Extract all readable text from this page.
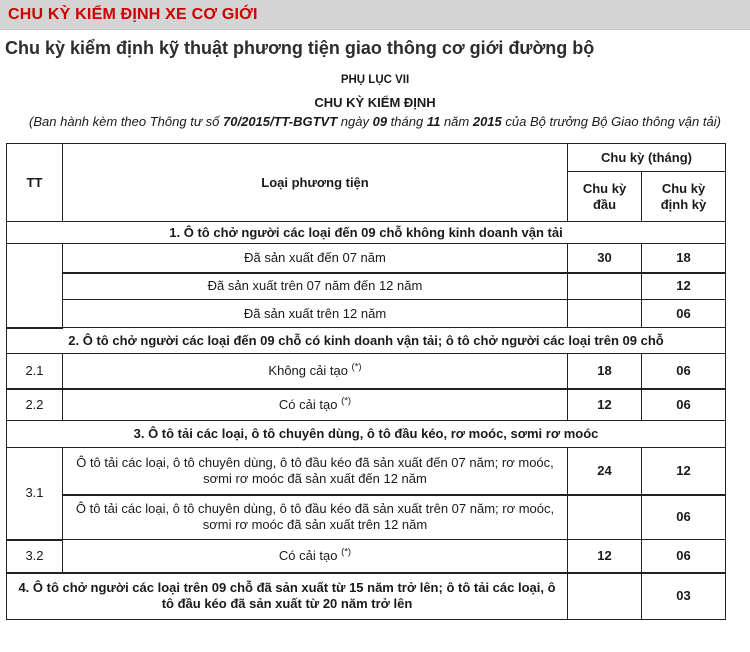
CHU KỲ KIỂM ĐỊNH XE CƠ GIỚI
Chu kỳ kiểm định kỹ thuật phương tiện giao thông cơ giới đường bộ
PHỤ LỤC VII
CHU KỲ KIỂM ĐỊNH
(Ban hành kèm theo Thông tư số 70/2015/TT-BGTVT ngày 09 tháng 11 năm 2015 của Bộ trưởng Bộ Giao thông vận tải)
TT	Loại phương tiện	Chu kỳ (tháng)	
		Chu kỳ đầu	Chu kỳ định kỳ
1. Ô tô chở người các loại đến 09 chỗ không kinh doanh vận tải			
	Đã sản xuất đến 07 năm	30	18
	Đã sản xuất trên 07 năm đến 12 năm		12
	Đã sản xuất trên 12 năm		06
2. Ô tô chở người các loại đến 09 chỗ có kinh doanh vận tải; ô tô chở người các loại trên 09 chỗ			
2.1	Không cải tạo (*)	18	06
2.2	Có cải tạo (*)	12	06
3. Ô tô tải các loại, ô tô chuyên dùng, ô tô đầu kéo, rơ moóc, sơmi rơ moóc			
3.1	Ô tô tải các loại, ô tô chuyên dùng, ô tô đầu kéo đã sản xuất đến 07 năm; rơ moóc, sơmi rơ moóc đã sản xuất đến 12 năm	24	12
	Ô tô tải các loại, ô tô chuyên dùng, ô tô đầu kéo đã sản xuất trên 07 năm; rơ moóc, sơmi rơ moóc đã sản xuất trên 12 năm		06
3.2	Có cải tạo (*)	12	06
4. Ô tô chở người các loại trên 09 chỗ đã sản xuất từ 15 năm trở lên; ô tô tải các loại, ô tô đầu kéo đã sản xuất từ 20 năm trở lên			03
